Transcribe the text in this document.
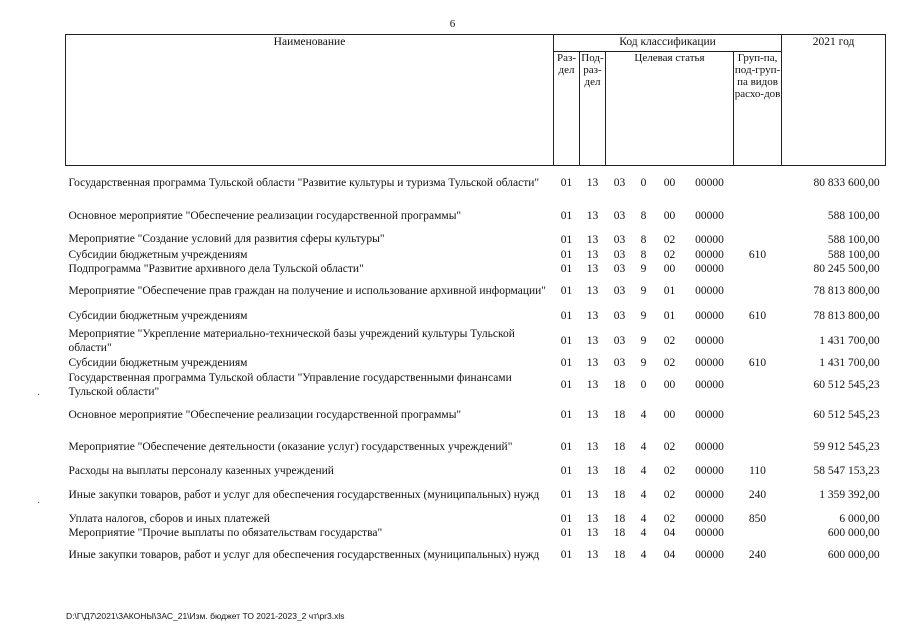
6
·
·
Наименование	Код классификации							2021 год
	Раз-дел	Под-раз-дел	Целевая статья				Груп-па, под-груп-па видов расхо-дов	
Государственная программа Тульской области "Развитие культуры и туризма Тульской области"	01	13	03	0	00	00000		80 833 600,00
Основное мероприятие "Обеспечение реализации государственной программы"	01	13	03	8	00	00000		588 100,00
Мероприятие "Создание условий для развития сферы культуры"	01	13	03	8	02	00000		588 100,00
Субсидии бюджетным учреждениям	01	13	03	8	02	00000	610	588 100,00
Подпрограмма "Развитие архивного дела Тульской области"	01	13	03	9	00	00000		80 245 500,00
Мероприятие "Обеспечение прав граждан на получение и использование архивной информации"	01	13	03	9	01	00000		78 813 800,00
Субсидии бюджетным учреждениям	01	13	03	9	01	00000	610	78 813 800,00
Мероприятие "Укрепление материально-технической базы учреждений культуры Тульской области"	01	13	03	9	02	00000		1 431 700,00
Субсидии бюджетным учреждениям	01	13	03	9	02	00000	610	1 431 700,00
Государственная программа Тульской области "Управление государственными финансами Тульской области"	01	13	18	0	00	00000		60 512 545,23
Основное мероприятие "Обеспечение реализации государственной программы"	01	13	18	4	00	00000		60 512 545,23
Мероприятие "Обеспечение деятельности (оказание услуг) государственных учреждений"	01	13	18	4	02	00000		59 912 545,23
Расходы на выплаты персоналу казенных учреждений	01	13	18	4	02	00000	110	58 547 153,23
Иные закупки товаров, работ и услуг для обеспечения государственных (муниципальных) нужд	01	13	18	4	02	00000	240	1 359 392,00
Уплата налогов, сборов и иных платежей	01	13	18	4	02	00000	850	6 000,00
Мероприятие "Прочие выплаты по обязательствам государства"	01	13	18	4	04	00000		600 000,00
Иные закупки товаров, работ и услуг для обеспечения государственных (муниципальных) нужд	01	13	18	4	04	00000	240	600 000,00
D:\Г\Д7\2021\ЗАКОНЫ\ЗАС_21\Изм. бюджет ТО 2021-2023_2 чт\pr3.xls
